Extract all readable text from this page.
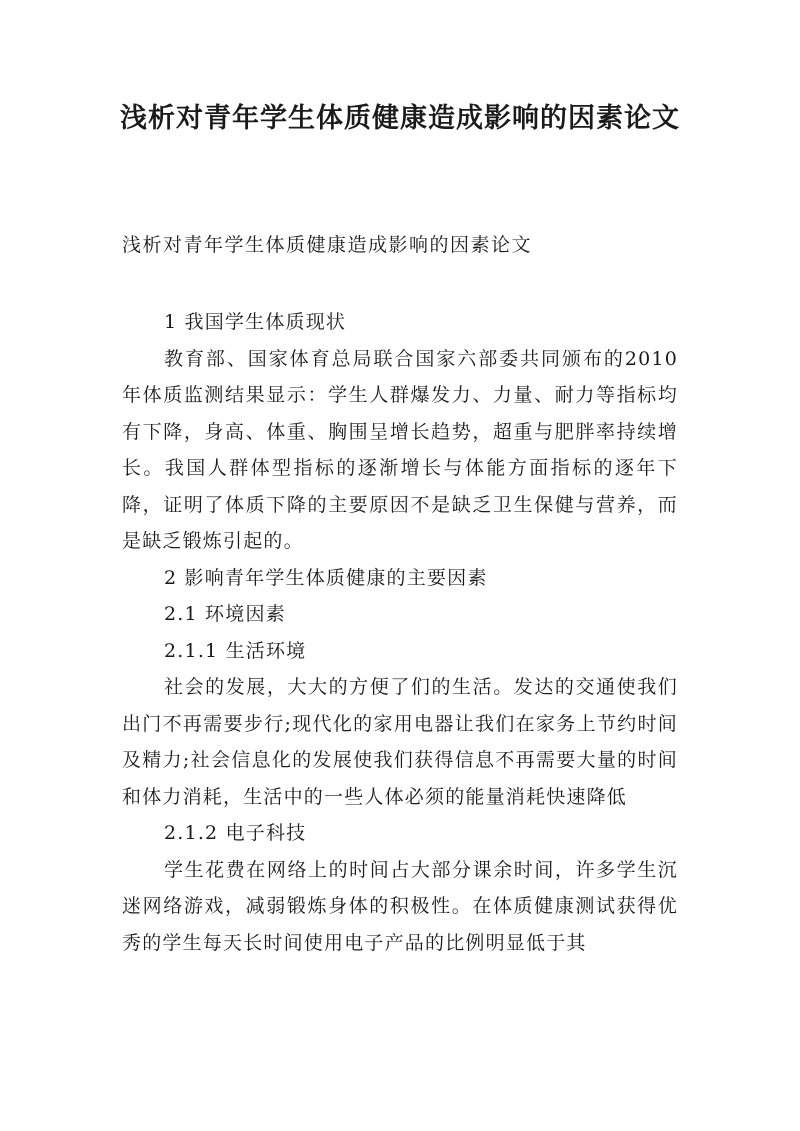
浅析对青年学生体质健康造成影响的因素论文
浅析对青年学生体质健康造成影响的因素论文
1 我国学生体质现状

教育部、国家体育总局联合国家六部委共同颁布的2010年体质监测结果显示：学生人群爆发力、力量、耐力等指标均有下降，身高、体重、胸围呈增长趋势，超重与肥胖率持续增长。我国人群体型指标的逐渐增长与体能方面指标的逐年下降，证明了体质下降的主要原因不是缺乏卫生保健与营养，而是缺乏锻炼引起的。

2 影响青年学生体质健康的主要因素
2.1 环境因素
2.1.1 生活环境

社会的发展，大大的方便了们的生活。发达的交通使我们出门不再需要步行;现代化的家用电器让我们在家务上节约时间及精力;社会信息化的发展使我们获得信息不再需要大量的时间和体力消耗，生活中的一些人体必须的能量消耗快速降低

2.1.2 电子科技

学生花费在网络上的时间占大部分课余时间，许多学生沉迷网络游戏，减弱锻炼身体的积极性。在体质健康测试获得优秀的学生每天长时间使用电子产品的比例明显低于其
